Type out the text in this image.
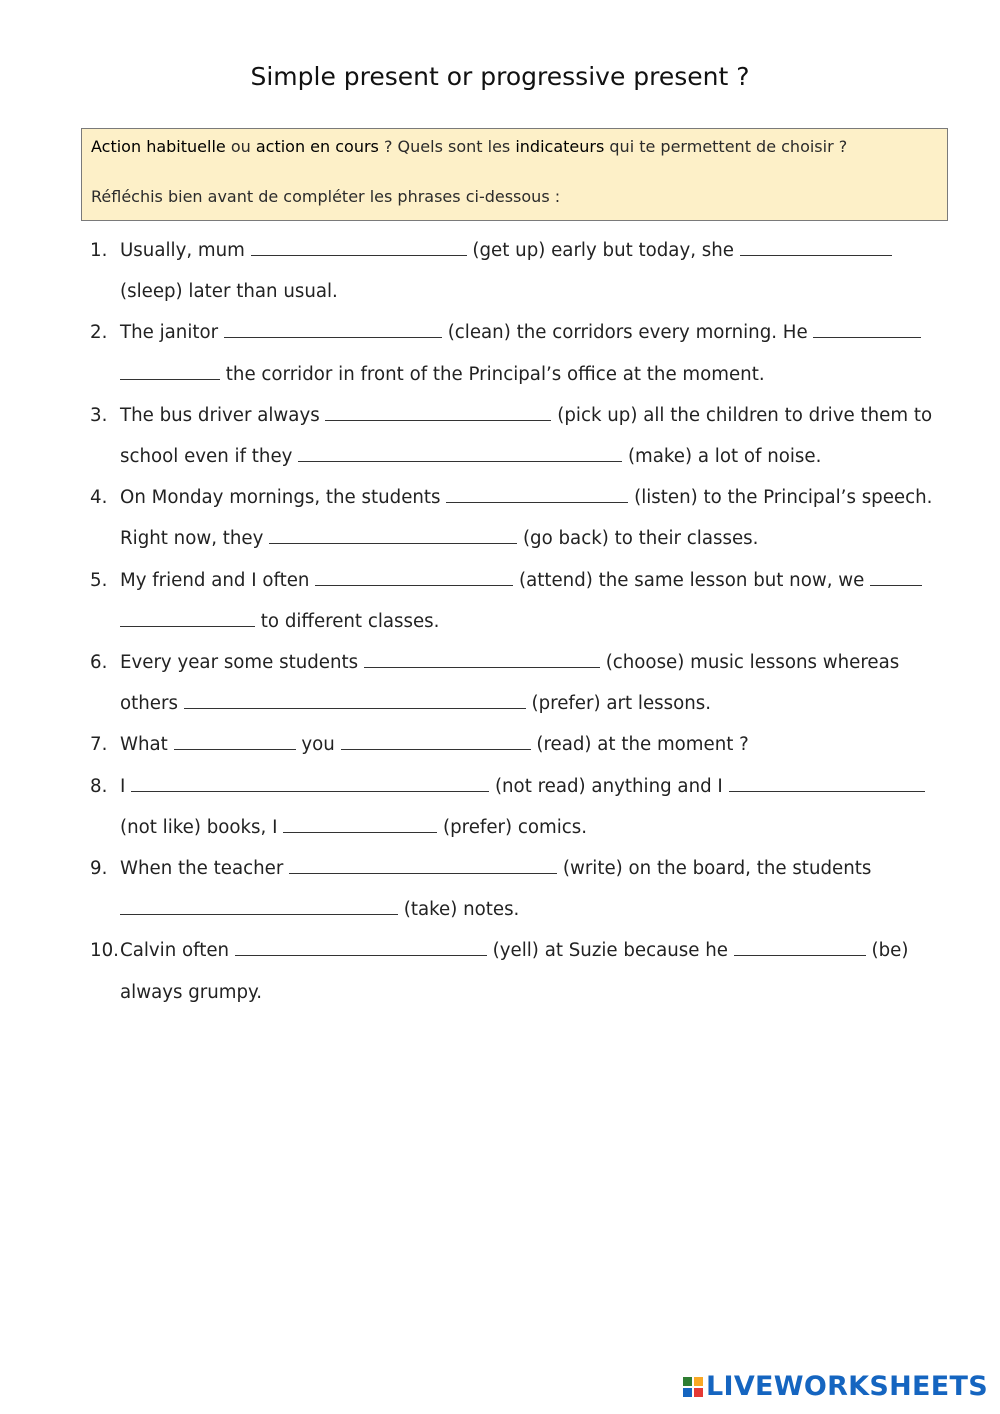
Simple present or progressive present ?

Action habituelle ou action en cours ? Quels sont les indicateurs qui te permettent de choisir ?

Réfléchis bien avant de compléter les phrases ci-dessous :

1. Usually, mum	(get up) early but today, she
(sleep) later than usual.
2. The janitor	(clean) the corridors every morning. He
the corridor in front of the Principal’s office at the moment.
3. The bus driver always	(pick up) all the children to drive them to school even if they	(make) a lot of noise.
4. On Monday mornings, the students	(listen) to the Principal’s speech. Right now, they	(go back) to their classes.
5. My friend and I often	(attend) the same lesson but now, we
to different classes.
6. Every year some students	(choose) music lessons whereas others	(prefer) art lessons.
7. What	you	(read) at the moment ?
8. I	(not read) anything and I
(not like) books, I	(prefer) comics.
9. When the teacher	(write) on the board, the students  (take) notes.
10. Calvin often	(yell) at Suzie because he	(be) always grumpy.
LIVEWORKSHEETS
